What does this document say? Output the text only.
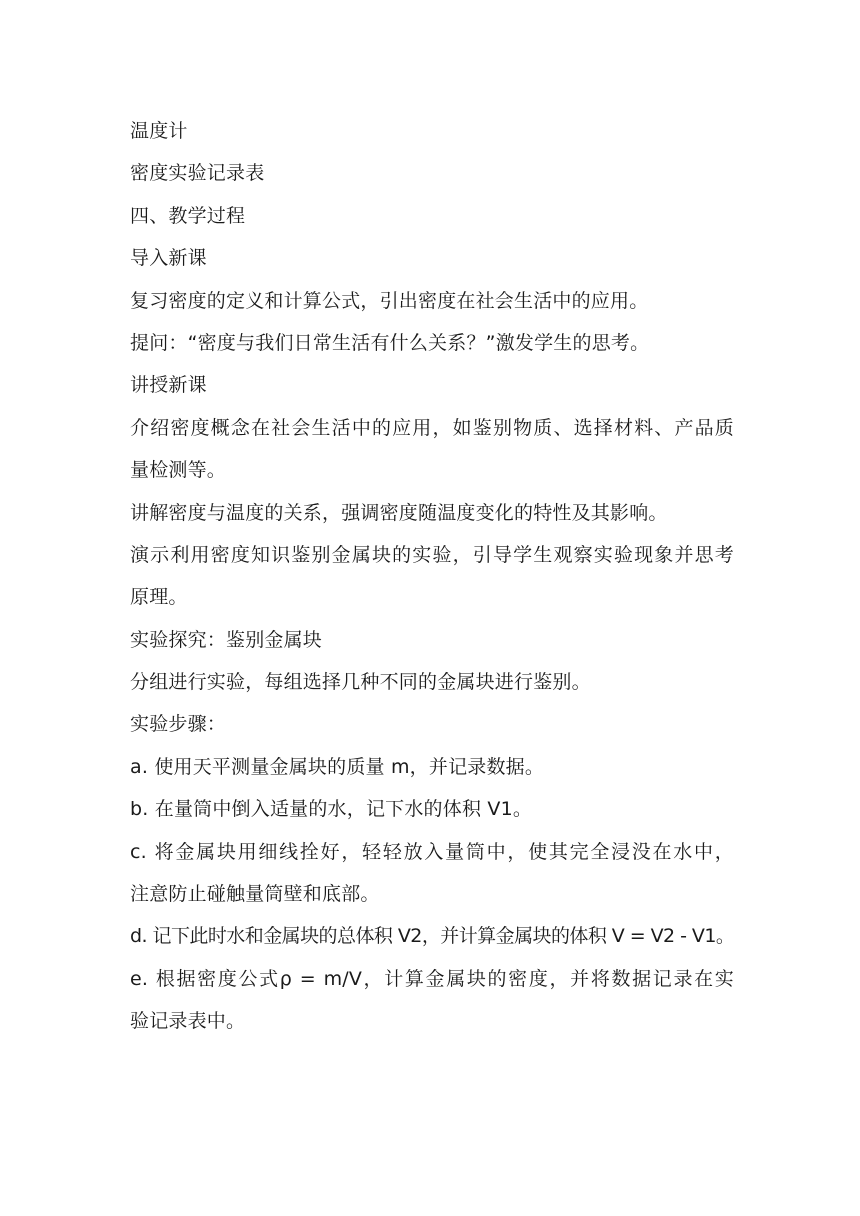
温度计

密度实验记录表

四、教学过程

导入新课

复习密度的定义和计算公式，引出密度在社会生活中的应用。

提问：“密度与我们日常生活有什么关系？”激发学生的思考。

讲授新课

介绍密度概念在社会生活中的应用，如鉴别物质、选择材料、产品质

量检测等。

讲解密度与温度的关系，强调密度随温度变化的特性及其影响。

演示利用密度知识鉴别金属块的实验，引导学生观察实验现象并思考

原理。

实验探究：鉴别金属块

分组进行实验，每组选择几种不同的金属块进行鉴别。

实验步骤：

a. 使用天平测量金属块的质量 m，并记录数据。

b. 在量筒中倒入适量的水，记下水的体积 V1。

c. 将金属块用细线拴好，轻轻放入量筒中，使其完全浸没在水中，

注意防止碰触量筒壁和底部。

d. 记下此时水和金属块的总体积 V2，并计算金属块的体积 V = V2 - V1。

e. 根据密度公式ρ = m/V，计算金属块的密度，并将数据记录在实

验记录表中。
